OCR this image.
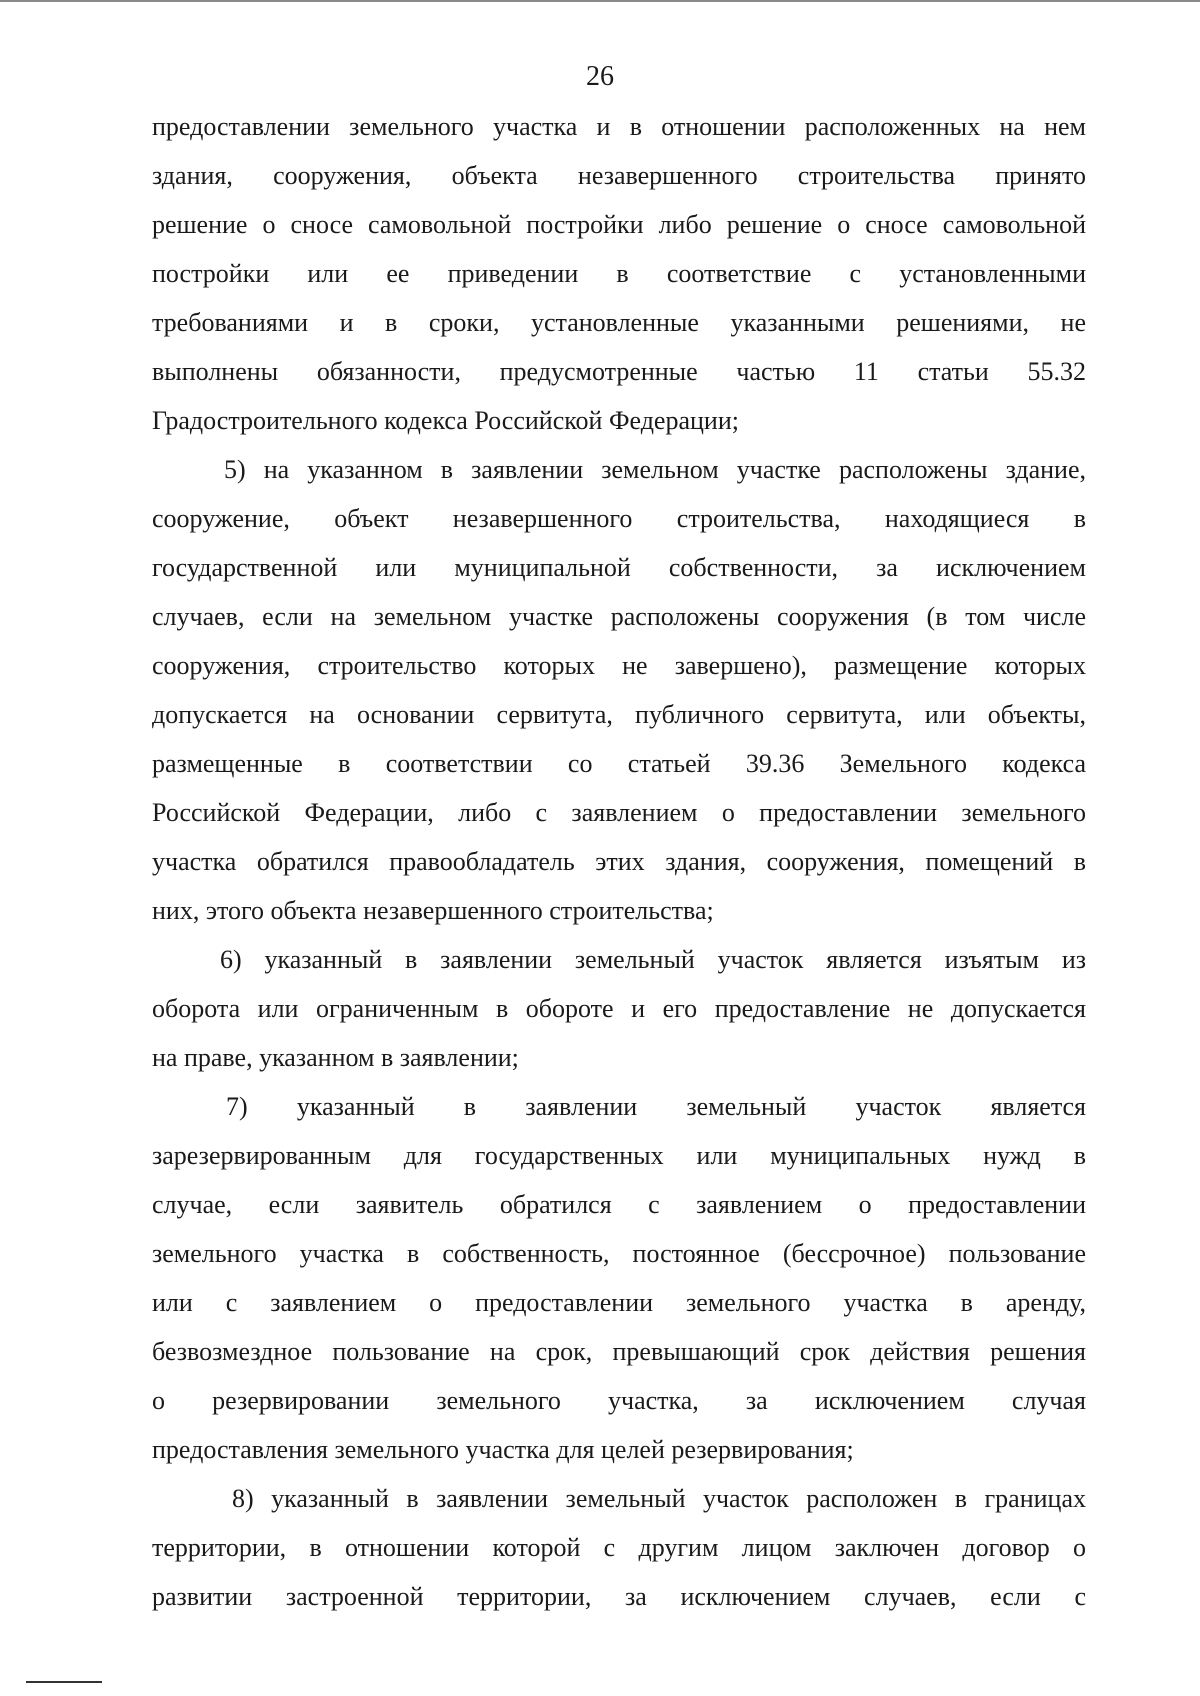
26
предоставлении земельного участка и в отношении расположенных на нем
здания, сооружения, объекта незавершенного строительства принято
решение о сносе самовольной постройки либо решение о сносе самовольной
постройки или ее приведении в соответствие с установленными
требованиями и в сроки, установленные указанными решениями, не
выполнены обязанности, предусмотренные частью 11 статьи 55.32
Градостроительного кодекса Российской Федерации;
5) на указанном в заявлении земельном участке расположены здание,
сооружение, объект незавершенного строительства, находящиеся в
государственной или муниципальной собственности, за исключением
случаев, если на земельном участке расположены сооружения (в том числе
сооружения, строительство которых не завершено), размещение которых
допускается на основании сервитута, публичного сервитута, или объекты,
размещенные в соответствии со статьей 39.36 Земельного кодекса
Российской Федерации, либо с заявлением о предоставлении земельного
участка обратился правообладатель этих здания, сооружения, помещений в
них, этого объекта незавершенного строительства;
6) указанный в заявлении земельный участок является изъятым из
оборота или ограниченным в обороте и его предоставление не допускается
на праве, указанном в заявлении;
7) указанный в заявлении земельный участок является
зарезервированным для государственных или муниципальных нужд в
случае, если заявитель обратился с заявлением о предоставлении
земельного участка в собственность, постоянное (бессрочное) пользование
или с заявлением о предоставлении земельного участка в аренду,
безвозмездное пользование на срок, превышающий срок действия решения
о резервировании земельного участка, за исключением случая
предоставления земельного участка для целей резервирования;
8) указанный в заявлении земельный участок расположен в границах
территории, в отношении которой с другим лицом заключен договор о
развитии застроенной территории, за исключением случаев, если с
